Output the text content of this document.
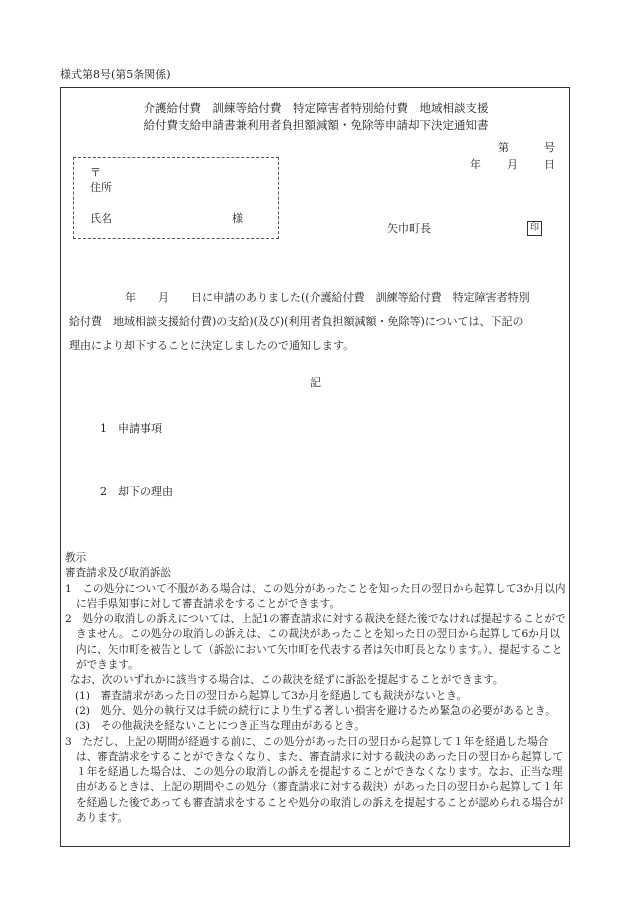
様式第8号(第5条関係)
介護給付費　訓練等給付費　特定障害者特別給付費　地域相談支援
給付費支給申請書兼利用者負担額減額・免除等申請却下決定通知書
第	号
年 月 日
〒
住所
氏名	様
矢巾町長	印
年　　月　　日に申請のありました((介護給付費　訓練等給付費　特定障害者特別
給付費　地域相談支援給付費)の支給)(及び)(利用者負担額減額・免除等)については、下記の
理由により却下することに決定しましたので通知します。
記
1　申請事項
2　却下の理由

教示

審査請求及び取消訴訟

1　この処分について不服がある場合は、この処分があったことを知った日の翌日から起算して3か月以内に岩手県知事に対して審査請求をすることができます。

2　処分の取消しの訴えについては、上記1の審査請求に対する裁決を経た後でなければ提起することができません。この処分の取消しの訴えは、この裁決があったことを知った日の翌日から起算して6か月以内に、矢巾町を被告として（訴訟において矢巾町を代表する者は矢巾町長となります。）、提起することができます。

なお、次のいずれかに該当する場合は、この裁決を経ずに訴訟を提起することができます。

(1)　審査請求があった日の翌日から起算して3か月を経過しても裁決がないとき。

(2)　処分、処分の執行又は手続の続行により生ずる著しい損害を避けるため緊急の必要があるとき。

(3)　その他裁決を経ないことにつき正当な理由があるとき。

3　ただし、上記の期間が経過する前に、この処分があった日の翌日から起算して１年を経過した場合は、審査請求をすることができなくなり、また、審査請求に対する裁決のあった日の翌日から起算して１年を経過した場合は、この処分の取消しの訴えを提起することができなくなります。なお、正当な理由があるときは、上記の期間やこの処分（審査請求に対する裁決）があった日の翌日から起算して１年を経過した後であっても審査請求をすることや処分の取消しの訴えを提起することが認められる場合があります。
